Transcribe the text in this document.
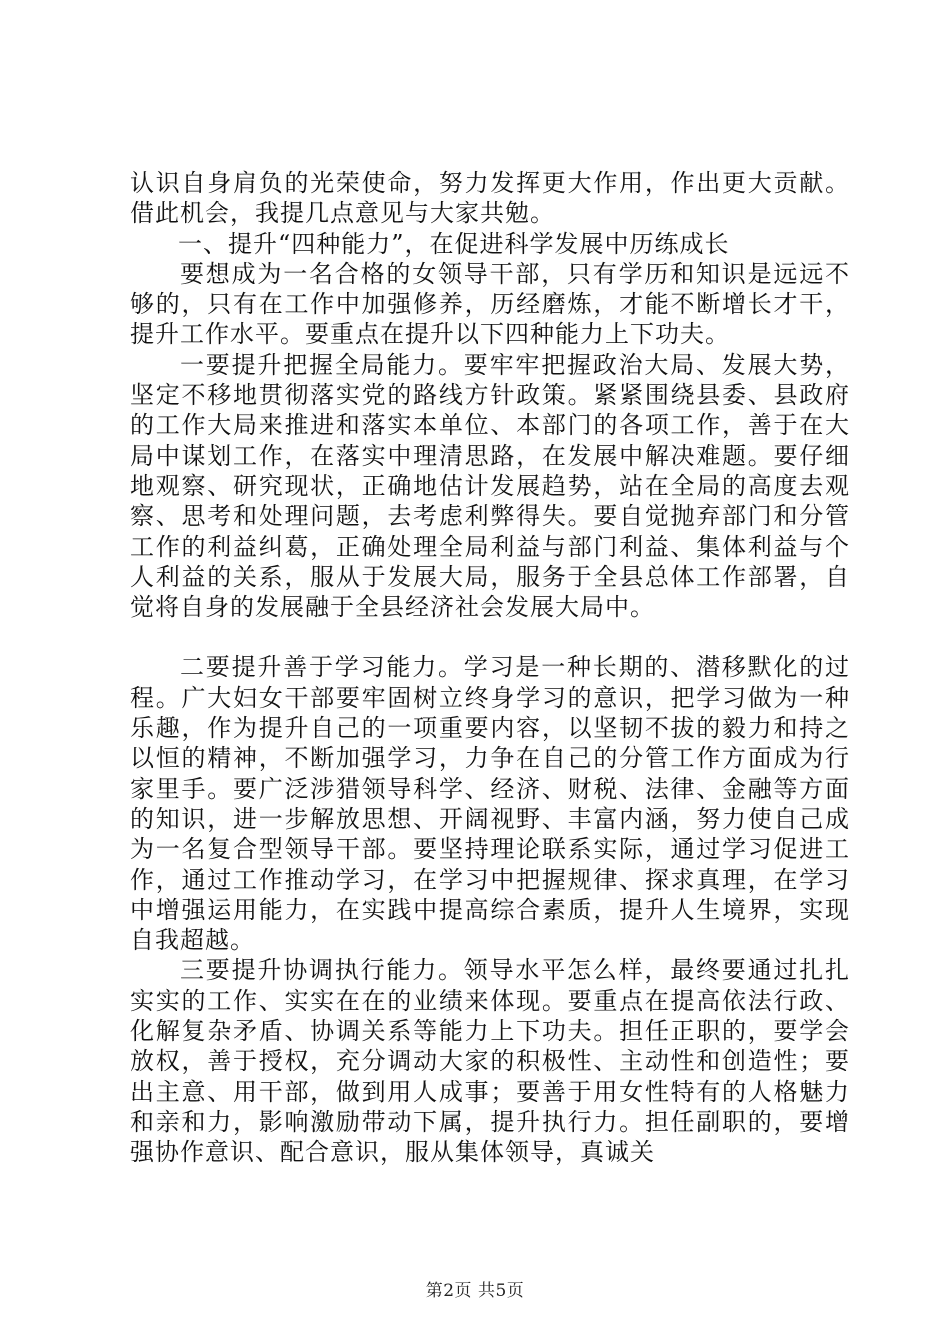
认识自身肩负的光荣使命，努力发挥更大作用，作出更大贡献。借此机会，我提几点意见与大家共勉。

一、提升“四种能力”，在促进科学发展中历练成长

要想成为一名合格的女领导干部，只有学历和知识是远远不够的，只有在工作中加强修养，历经磨炼，才能不断增长才干，提升工作水平。要重点在提升以下四种能力上下功夫。

一要提升把握全局能力。要牢牢把握政治大局、发展大势，坚定不移地贯彻落实党的路线方针政策。紧紧围绕县委、县政府的工作大局来推进和落实本单位、本部门的各项工作，善于在大局中谋划工作，在落实中理清思路，在发展中解决难题。要仔细地观察、研究现状，正确地估计发展趋势，站在全局的高度去观察、思考和处理问题，去考虑利弊得失。要自觉抛弃部门和分管工作的利益纠葛，正确处理全局利益与部门利益、集体利益与个人利益的关系，服从于发展大局，服务于全县总体工作部署，自觉将自身的发展融于全县经济社会发展大局中。

二要提升善于学习能力。学习是一种长期的、潜移默化的过程。广大妇女干部要牢固树立终身学习的意识，把学习做为一种乐趣，作为提升自己的一项重要内容，以坚韧不拔的毅力和持之以恒的精神，不断加强学习，力争在自己的分管工作方面成为行家里手。要广泛涉猎领导科学、经济、财税、法律、金融等方面的知识，进一步解放思想、开阔视野、丰富内涵，努力使自己成为一名复合型领导干部。要坚持理论联系实际，通过学习促进工作，通过工作推动学习，在学习中把握规律、探求真理，在学习中增强运用能力，在实践中提高综合素质，提升人生境界，实现自我超越。

三要提升协调执行能力。领导水平怎么样，最终要通过扎扎实实的工作、实实在在的业绩来体现。要重点在提高依法行政、化解复杂矛盾、协调关系等能力上下功夫。担任正职的，要学会放权，善于授权，充分调动大家的积极性、主动性和创造性；要出主意、用干部，做到用人成事；要善于用女性特有的人格魅力和亲和力，影响激励带动下属，提升执行力。担任副职的，要增强协作意识、配合意识，服从集体领导，真诚关

第2页 共5页
